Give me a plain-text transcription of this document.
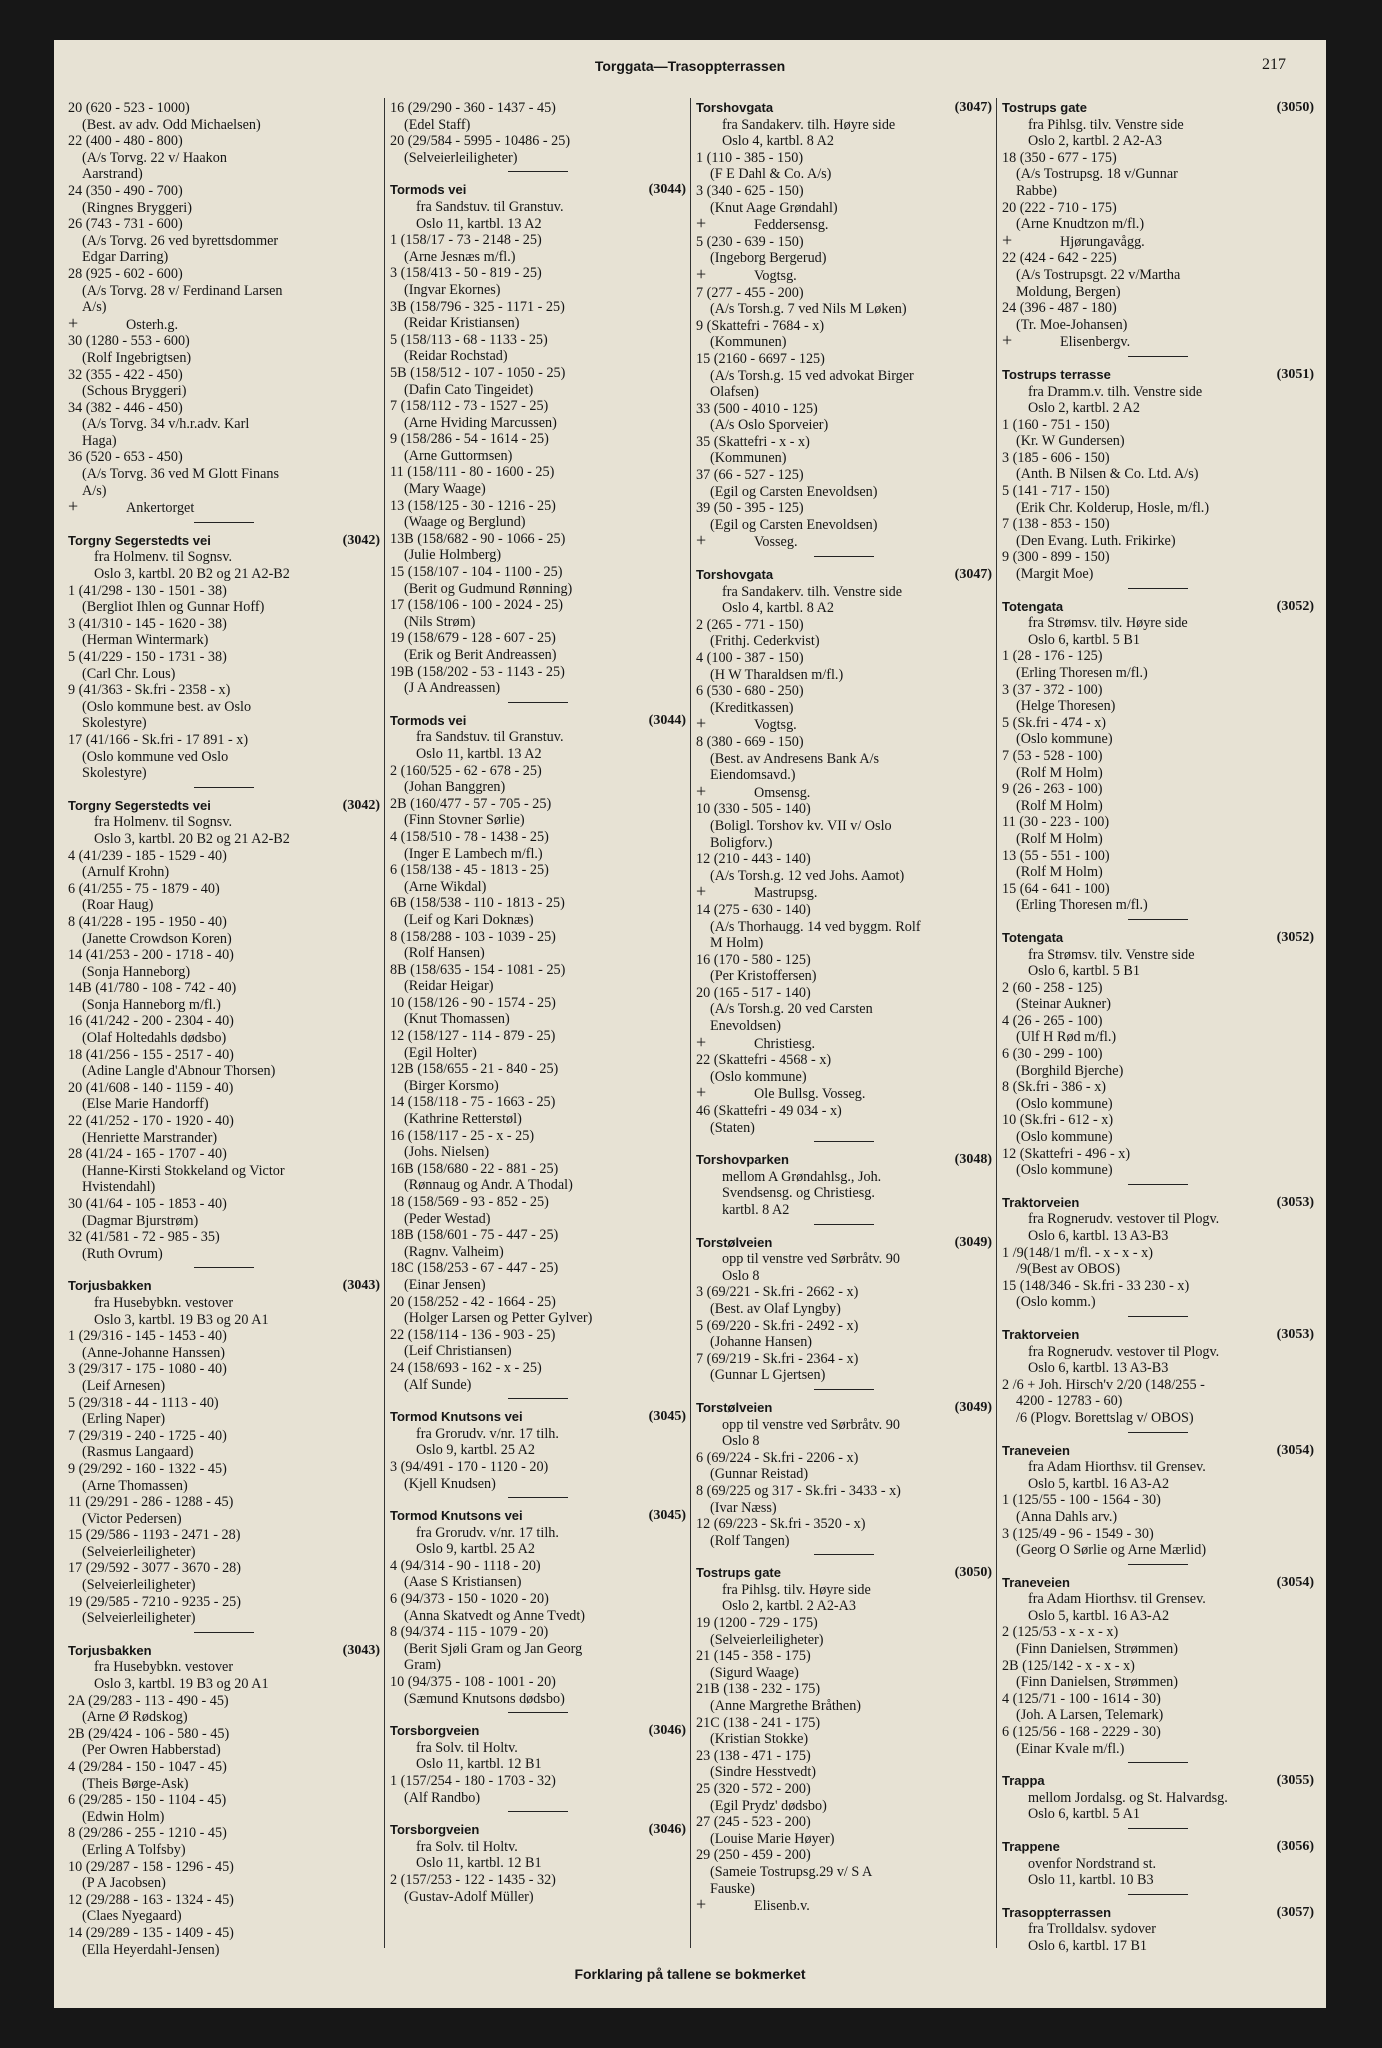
Torggata—Trasoppterrassen	217
20 (620 - 523 - 1000)
(Best. av adv. Odd Michaelsen)
22 (400 - 480 - 800)
(A/s Torvg. 22 v/ Haakon
Aarstrand)
24 (350 - 490 - 700)
(Ringnes Bryggeri)
26 (743 - 731 - 600)
(A/s Torvg. 26 ved byrettsdommer
Edgar Darring)
28 (925 - 602 - 600)
(A/s Torvg. 28 v/ Ferdinand Larsen
A/s)
+	Osterh.g.
30 (1280 - 553 - 600)
(Rolf Ingebrigtsen)
32 (355 - 422 - 450)
(Schous Bryggeri)
34 (382 - 446 - 450)
(A/s Torvg. 34 v/h.r.adv. Karl
Haga)
36 (520 - 653 - 450)
(A/s Torvg. 36 ved M Glott Finans
A/s)
+	Ankertorget
Torgny Segerstedts vei	(3042)
fra Holmenv. til Sognsv.
Oslo 3, kartbl. 20 B2 og 21 A2-B2
1 (41/298 - 130 - 1501 - 38)
(Bergliot Ihlen og Gunnar Hoff)
3 (41/310 - 145 - 1620 - 38)
(Herman Wintermark)
5 (41/229 - 150 - 1731 - 38)
(Carl Chr. Lous)
9 (41/363 - Sk.fri - 2358 - x)
(Oslo kommune best. av Oslo
Skolestyre)
17 (41/166 - Sk.fri - 17 891 - x)
(Oslo kommune ved Oslo
Skolestyre)
Torgny Segerstedts vei	(3042)
fra Holmenv. til Sognsv.
Oslo 3, kartbl. 20 B2 og 21 A2-B2
4 (41/239 - 185 - 1529 - 40)
(Arnulf Krohn)
6 (41/255 - 75 - 1879 - 40)
(Roar Haug)
8 (41/228 - 195 - 1950 - 40)
(Janette Crowdson Koren)
14 (41/253 - 200 - 1718 - 40)
(Sonja Hanneborg)
14B (41/780 - 108 - 742 - 40)
(Sonja Hanneborg m/fl.)
16 (41/242 - 200 - 2304 - 40)
(Olaf Holtedahls dødsbo)
18 (41/256 - 155 - 2517 - 40)
(Adine Langle d'Abnour Thorsen)
20 (41/608 - 140 - 1159 - 40)
(Else Marie Handorff)
22 (41/252 - 170 - 1920 - 40)
(Henriette Marstrander)
28 (41/24 - 165 - 1707 - 40)
(Hanne-Kirsti Stokkeland og Victor
Hvistendahl)
30 (41/64 - 105 - 1853 - 40)
(Dagmar Bjurstrøm)
32 (41/581 - 72 - 985 - 35)
(Ruth Ovrum)
Torjusbakken	(3043)
fra Husebybkn. vestover
Oslo 3, kartbl. 19 B3 og 20 A1
1 (29/316 - 145 - 1453 - 40)
(Anne-Johanne Hanssen)
3 (29/317 - 175 - 1080 - 40)
(Leif Arnesen)
5 (29/318 - 44 - 1113 - 40)
(Erling Naper)
7 (29/319 - 240 - 1725 - 40)
(Rasmus Langaard)
9 (29/292 - 160 - 1322 - 45)
(Arne Thomassen)
11 (29/291 - 286 - 1288 - 45)
(Victor Pedersen)
15 (29/586 - 1193 - 2471 - 28)
(Selveierleiligheter)
17 (29/592 - 3077 - 3670 - 28)
(Selveierleiligheter)
19 (29/585 - 7210 - 9235 - 25)
(Selveierleiligheter)
Torjusbakken	(3043)
fra Husebybkn. vestover
Oslo 3, kartbl. 19 B3 og 20 A1
2A (29/283 - 113 - 490 - 45)
(Arne Ø Rødskog)
2B (29/424 - 106 - 580 - 45)
(Per Owren Habberstad)
4 (29/284 - 150 - 1047 - 45)
(Theis Børge-Ask)
6 (29/285 - 150 - 1104 - 45)
(Edwin Holm)
8 (29/286 - 255 - 1210 - 45)
(Erling A Tolfsby)
10 (29/287 - 158 - 1296 - 45)
(P A Jacobsen)
12 (29/288 - 163 - 1324 - 45)
(Claes Nyegaard)
14 (29/289 - 135 - 1409 - 45)
(Ella Heyerdahl-Jensen)
16 (29/290 - 360 - 1437 - 45)
(Edel Staff)
20 (29/584 - 5995 - 10486 - 25)
(Selveierleiligheter)
Tormods vei	(3044)
fra Sandstuv. til Granstuv.
Oslo 11, kartbl. 13 A2
1 (158/17 - 73 - 2148 - 25)
(Arne Jesnæs m/fl.)
3 (158/413 - 50 - 819 - 25)
(Ingvar Ekornes)
3B (158/796 - 325 - 1171 - 25)
(Reidar Kristiansen)
5 (158/113 - 68 - 1133 - 25)
(Reidar Rochstad)
5B (158/512 - 107 - 1050 - 25)
(Dafin Cato Tingeidet)
7 (158/112 - 73 - 1527 - 25)
(Arne Hviding Marcussen)
9 (158/286 - 54 - 1614 - 25)
(Arne Guttormsen)
11 (158/111 - 80 - 1600 - 25)
(Mary Waage)
13 (158/125 - 30 - 1216 - 25)
(Waage og Berglund)
13B (158/682 - 90 - 1066 - 25)
(Julie Holmberg)
15 (158/107 - 104 - 1100 - 25)
(Berit og Gudmund Rønning)
17 (158/106 - 100 - 2024 - 25)
(Nils Strøm)
19 (158/679 - 128 - 607 - 25)
(Erik og Berit Andreassen)
19B (158/202 - 53 - 1143 - 25)
(J A Andreassen)
Tormods vei	(3044)
fra Sandstuv. til Granstuv.
Oslo 11, kartbl. 13 A2
2 (160/525 - 62 - 678 - 25)
(Johan Banggren)
2B (160/477 - 57 - 705 - 25)
(Finn Stovner Sørlie)
4 (158/510 - 78 - 1438 - 25)
(Inger E Lambech m/fl.)
6 (158/138 - 45 - 1813 - 25)
(Arne Wikdal)
6B (158/538 - 110 - 1813 - 25)
(Leif og Kari Doknæs)
8 (158/288 - 103 - 1039 - 25)
(Rolf Hansen)
8B (158/635 - 154 - 1081 - 25)
(Reidar Heigar)
10 (158/126 - 90 - 1574 - 25)
(Knut Thomassen)
12 (158/127 - 114 - 879 - 25)
(Egil Holter)
12B (158/655 - 21 - 840 - 25)
(Birger Korsmo)
14 (158/118 - 75 - 1663 - 25)
(Kathrine Retterstøl)
16 (158/117 - 25 - x - 25)
(Johs. Nielsen)
16B (158/680 - 22 - 881 - 25)
(Rønnaug og Andr. A Thodal)
18 (158/569 - 93 - 852 - 25)
(Peder Westad)
18B (158/601 - 75 - 447 - 25)
(Ragnv. Valheim)
18C (158/253 - 67 - 447 - 25)
(Einar Jensen)
20 (158/252 - 42 - 1664 - 25)
(Holger Larsen og Petter Gylver)
22 (158/114 - 136 - 903 - 25)
(Leif Christiansen)
24 (158/693 - 162 - x - 25)
(Alf Sunde)
Tormod Knutsons vei	(3045)
fra Grorudv. v/nr. 17 tilh.
Oslo 9, kartbl. 25 A2
3 (94/491 - 170 - 1120 - 20)
(Kjell Knudsen)
Tormod Knutsons vei	(3045)
fra Grorudv. v/nr. 17 tilh.
Oslo 9, kartbl. 25 A2
4 (94/314 - 90 - 1118 - 20)
(Aase S Kristiansen)
6 (94/373 - 150 - 1020 - 20)
(Anna Skatvedt og Anne Tvedt)
8 (94/374 - 115 - 1079 - 20)
(Berit Sjøli Gram og Jan Georg
Gram)
10 (94/375 - 108 - 1001 - 20)
(Sæmund Knutsons dødsbo)
Torsborgveien	(3046)
fra Solv. til Holtv.
Oslo 11, kartbl. 12 B1
1 (157/254 - 180 - 1703 - 32)
(Alf Randbo)
Torsborgveien	(3046)
fra Solv. til Holtv.
Oslo 11, kartbl. 12 B1
2 (157/253 - 122 - 1435 - 32)
(Gustav-Adolf Müller)
Torshovgata	(3047)
fra Sandakerv. tilh. Høyre side
Oslo 4, kartbl. 8 A2
1 (110 - 385 - 150)
(F E Dahl & Co. A/s)
3 (340 - 625 - 150)
(Knut Aage Grøndahl)
+	Feddersensg.
5 (230 - 639 - 150)
(Ingeborg Bergerud)
+	Vogtsg.
7 (277 - 455 - 200)
(A/s Torsh.g. 7 ved Nils M Løken)
9 (Skattefri - 7684 - x)
(Kommunen)
15 (2160 - 6697 - 125)
(A/s Torsh.g. 15 ved advokat Birger
Olafsen)
33 (500 - 4010 - 125)
(A/s Oslo Sporveier)
35 (Skattefri - x - x)
(Kommunen)
37 (66 - 527 - 125)
(Egil og Carsten Enevoldsen)
39 (50 - 395 - 125)
(Egil og Carsten Enevoldsen)
+	Vosseg.
Torshovgata	(3047)
fra Sandakerv. tilh. Venstre side
Oslo 4, kartbl. 8 A2
2 (265 - 771 - 150)
(Frithj. Cederkvist)
4 (100 - 387 - 150)
(H W Tharaldsen m/fl.)
6 (530 - 680 - 250)
(Kreditkassen)
+	Vogtsg.
8 (380 - 669 - 150)
(Best. av Andresens Bank A/s
Eiendomsavd.)
+	Omsensg.
10 (330 - 505 - 140)
(Boligl. Torshov kv. VII v/ Oslo
Boligforv.)
12 (210 - 443 - 140)
(A/s Torsh.g. 12 ved Johs. Aamot)
+	Mastrupsg.
14 (275 - 630 - 140)
(A/s Thorhaugg. 14 ved byggm. Rolf
M Holm)
16 (170 - 580 - 125)
(Per Kristoffersen)
20 (165 - 517 - 140)
(A/s Torsh.g. 20 ved Carsten
Enevoldsen)
+	Christiesg.
22 (Skattefri - 4568 - x)
(Oslo kommune)
+	Ole Bullsg. Vosseg.
46 (Skattefri - 49 034 - x)
(Staten)
Torshovparken	(3048)
mellom A Grøndahlsg., Joh.
Svendsensg. og Christiesg.
kartbl. 8 A2
Torstølveien	(3049)
opp til venstre ved Sørbråtv. 90
Oslo 8
3 (69/221 - Sk.fri - 2662 - x)
(Best. av Olaf Lyngby)
5 (69/220 - Sk.fri - 2492 - x)
(Johanne Hansen)
7 (69/219 - Sk.fri - 2364 - x)
(Gunnar L Gjertsen)
Torstølveien	(3049)
opp til venstre ved Sørbråtv. 90
Oslo 8
6 (69/224 - Sk.fri - 2206 - x)
(Gunnar Reistad)
8 (69/225 og 317 - Sk.fri - 3433 - x)
(Ivar Næss)
12 (69/223 - Sk.fri - 3520 - x)
(Rolf Tangen)
Tostrups gate	(3050)
fra Pihlsg. tilv. Høyre side
Oslo 2, kartbl. 2 A2-A3
19 (1200 - 729 - 175)
(Selveierleiligheter)
21 (145 - 358 - 175)
(Sigurd Waage)
21B (138 - 232 - 175)
(Anne Margrethe Bråthen)
21C (138 - 241 - 175)
(Kristian Stokke)
23 (138 - 471 - 175)
(Sindre Hesstvedt)
25 (320 - 572 - 200)
(Egil Prydz' dødsbo)
27 (245 - 523 - 200)
(Louise Marie Høyer)
29 (250 - 459 - 200)
(Sameie Tostrupsg.29 v/ S A
Fauske)
+	Elisenb.v.
Tostrups gate	(3050)
fra Pihlsg. tilv. Venstre side
Oslo 2, kartbl. 2 A2-A3
18 (350 - 677 - 175)
(A/s Tostrupsg. 18 v/Gunnar
Rabbe)
20 (222 - 710 - 175)
(Arne Knudtzon m/fl.)
+	Hjørungavågg.
22 (424 - 642 - 225)
(A/s Tostrupsgt. 22 v/Martha
Moldung, Bergen)
24 (396 - 487 - 180)
(Tr. Moe-Johansen)
+	Elisenbergv.
Tostrups terrasse	(3051)
fra Dramm.v. tilh. Venstre side
Oslo 2, kartbl. 2 A2
1 (160 - 751 - 150)
(Kr. W Gundersen)
3 (185 - 606 - 150)
(Anth. B Nilsen & Co. Ltd. A/s)
5 (141 - 717 - 150)
(Erik Chr. Kolderup, Hosle, m/fl.)
7 (138 - 853 - 150)
(Den Evang. Luth. Frikirke)
9 (300 - 899 - 150)
(Margit Moe)
Totengata	(3052)
fra Strømsv. tilv. Høyre side
Oslo 6, kartbl. 5 B1
1 (28 - 176 - 125)
(Erling Thoresen m/fl.)
3 (37 - 372 - 100)
(Helge Thoresen)
5 (Sk.fri - 474 - x)
(Oslo kommune)
7 (53 - 528 - 100)
(Rolf M Holm)
9 (26 - 263 - 100)
(Rolf M Holm)
11 (30 - 223 - 100)
(Rolf M Holm)
13 (55 - 551 - 100)
(Rolf M Holm)
15 (64 - 641 - 100)
(Erling Thoresen m/fl.)
Totengata	(3052)
fra Strømsv. tilv. Venstre side
Oslo 6, kartbl. 5 B1
2 (60 - 258 - 125)
(Steinar Aukner)
4 (26 - 265 - 100)
(Ulf H Rød m/fl.)
6 (30 - 299 - 100)
(Borghild Bjerche)
8 (Sk.fri - 386 - x)
(Oslo kommune)
10 (Sk.fri - 612 - x)
(Oslo kommune)
12 (Skattefri - 496 - x)
(Oslo kommune)
Traktorveien	(3053)
fra Rognerudv. vestover til Plogv.
Oslo 6, kartbl. 13 A3-B3
1 /9(148/1 m/fl. - x - x - x)
/9(Best av OBOS)
15 (148/346 - Sk.fri - 33 230 - x)
(Oslo komm.)
Traktorveien	(3053)
fra Rognerudv. vestover til Plogv.
Oslo 6, kartbl. 13 A3-B3
2 /6 + Joh. Hirsch'v 2/20 (148/255 -
4200 - 12783 - 60)
/6 (Plogv. Borettslag v/ OBOS)
Traneveien	(3054)
fra Adam Hiorthsv. til Grensev.
Oslo 5, kartbl. 16 A3-A2
1 (125/55 - 100 - 1564 - 30)
(Anna Dahls arv.)
3 (125/49 - 96 - 1549 - 30)
(Georg O Sørlie og Arne Mærlid)
Traneveien	(3054)
fra Adam Hiorthsv. til Grensev.
Oslo 5, kartbl. 16 A3-A2
2 (125/53 - x - x - x)
(Finn Danielsen, Strømmen)
2B (125/142 - x - x - x)
(Finn Danielsen, Strømmen)
4 (125/71 - 100 - 1614 - 30)
(Joh. A Larsen, Telemark)
6 (125/56 - 168 - 2229 - 30)
(Einar Kvale m/fl.)
Trappa	(3055)
mellom Jordalsg. og St. Halvardsg.
Oslo 6, kartbl. 5 A1
Trappene	(3056)
ovenfor Nordstrand st.
Oslo 11, kartbl. 10 B3
Trasoppterrassen	(3057)
fra Trolldalsv. sydover
Oslo 6, kartbl. 17 B1
Forklaring på tallene se bokmerket
